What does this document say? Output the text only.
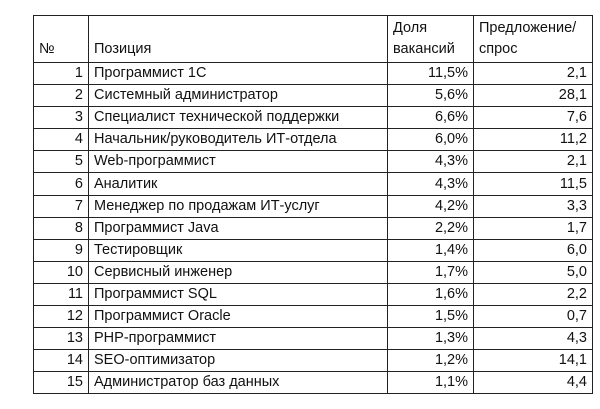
№	Позиция	Доля вакансий	Предложение/ спрос
1	Программист 1С	11,5%	2,1
2	Системный администратор	5,6%	28,1
3	Специалист технической поддержки	6,6%	7,6
4	Начальник/руководитель ИТ-отдела	6,0%	11,2
5	Web-программист	4,3%	2,1
6	Аналитик	4,3%	11,5
7	Менеджер по продажам ИТ-услуг	4,2%	3,3
8	Программист Java	2,2%	1,7
9	Тестировщик	1,4%	6,0
10	Сервисный инженер	1,7%	5,0
11	Программист SQL	1,6%	2,2
12	Программист Oracle	1,5%	0,7
13	PHP-программист	1,3%	4,3
14	SEO-оптимизатор	1,2%	14,1
15	Администратор баз данных	1,1%	4,4
